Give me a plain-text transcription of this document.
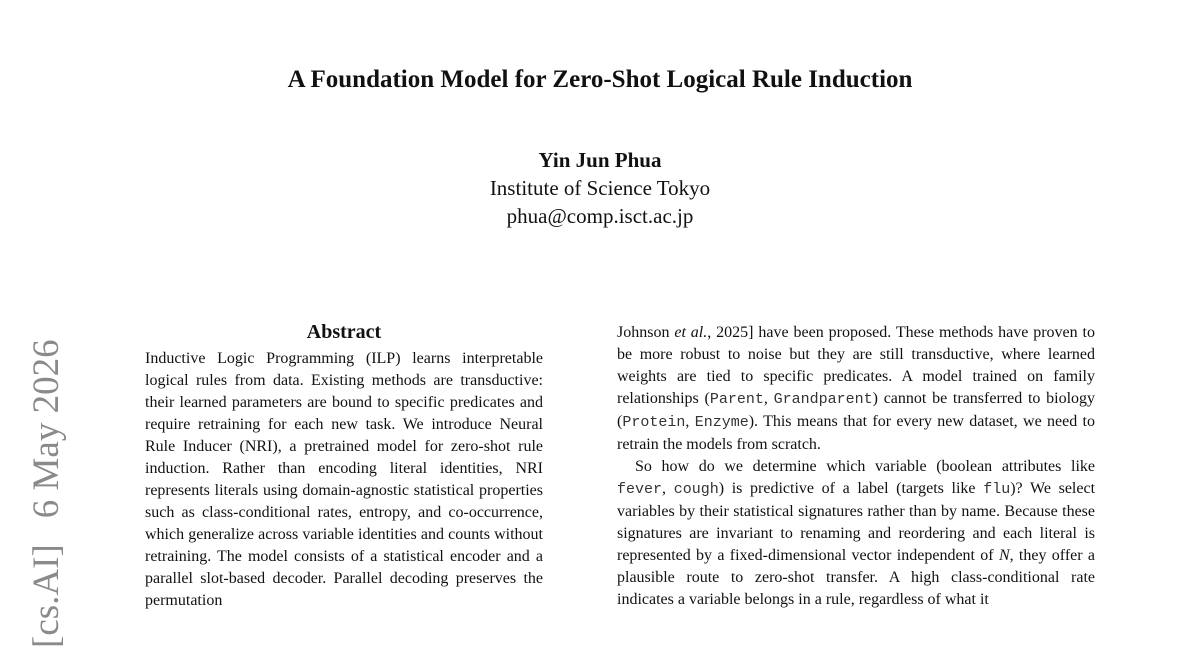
A Foundation Model for Zero-Shot Logical Rule Induction
Yin Jun Phua
Institute of Science Tokyo
phua@comp.isct.ac.jp
[cs.AI]6 May 2026
Abstract

Inductive Logic Programming (ILP) learns interpretable logical rules from data. Existing methods are transductive: their learned parameters are bound to specific predicates and require retraining for each new task. We introduce Neural Rule Inducer (NRI), a pretrained model for zero-shot rule induction. Rather than encoding literal identities, NRI represents literals using domain-agnostic statistical properties such as class-conditional rates, entropy, and co-occurrence, which generalize across variable identities and counts without retraining. The model consists of a statistical encoder and a parallel slot-based decoder. Parallel decoding preserves the permutation

Johnson et al., 2025] have been proposed. These methods have proven to be more robust to noise but they are still transductive, where learned weights are tied to specific predicates. A model trained on family relationships (Parent, Grandparent) cannot be transferred to biology (Protein, Enzyme). This means that for every new dataset, we need to retrain the models from scratch.

So how do we determine which variable (boolean attributes like fever, cough) is predictive of a label (targets like flu)? We select variables by their statistical signatures rather than by name. Because these signatures are invariant to renaming and reordering and each literal is represented by a fixed-dimensional vector independent of N, they offer a plausible route to zero-shot transfer. A high class-conditional rate indicates a variable belongs in a rule, regardless of what it
